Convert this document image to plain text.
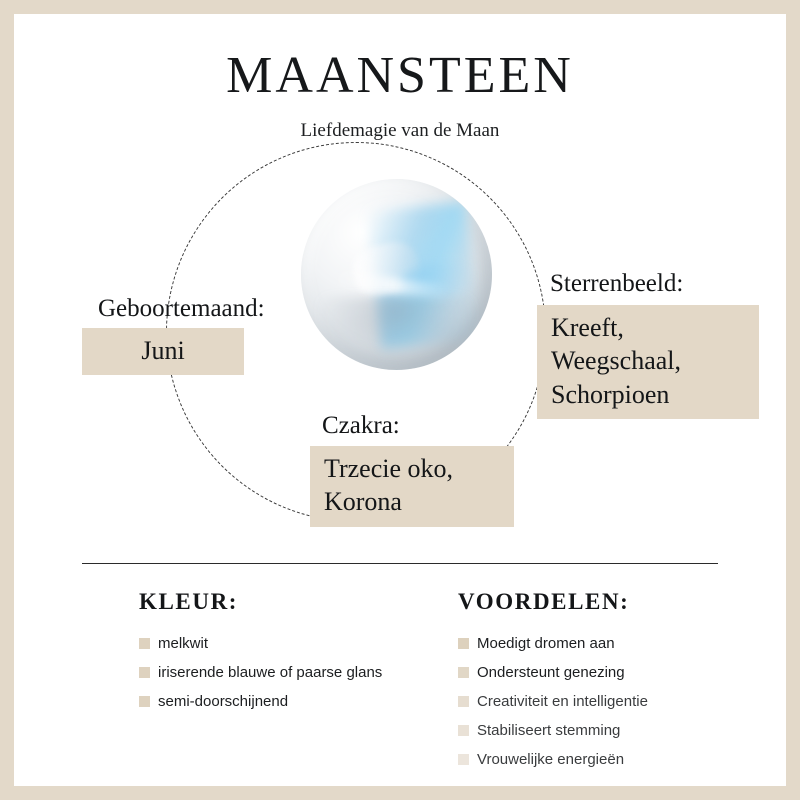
MAANSTEEN
Liefdemagie van de Maan
Geboortemaand:
Juni
Sterrenbeeld:
Kreeft, Weegschaal, Schorpioen
Czakra:
Trzecie oko, Korona
KLEUR:
melkwit
iriserende blauwe of paarse glans
semi-doorschijnend
VOORDELEN:
Moedigt dromen aan
Ondersteunt genezing
Creativiteit en intelligentie
Stabiliseert stemming
Vrouwelijke energieën
